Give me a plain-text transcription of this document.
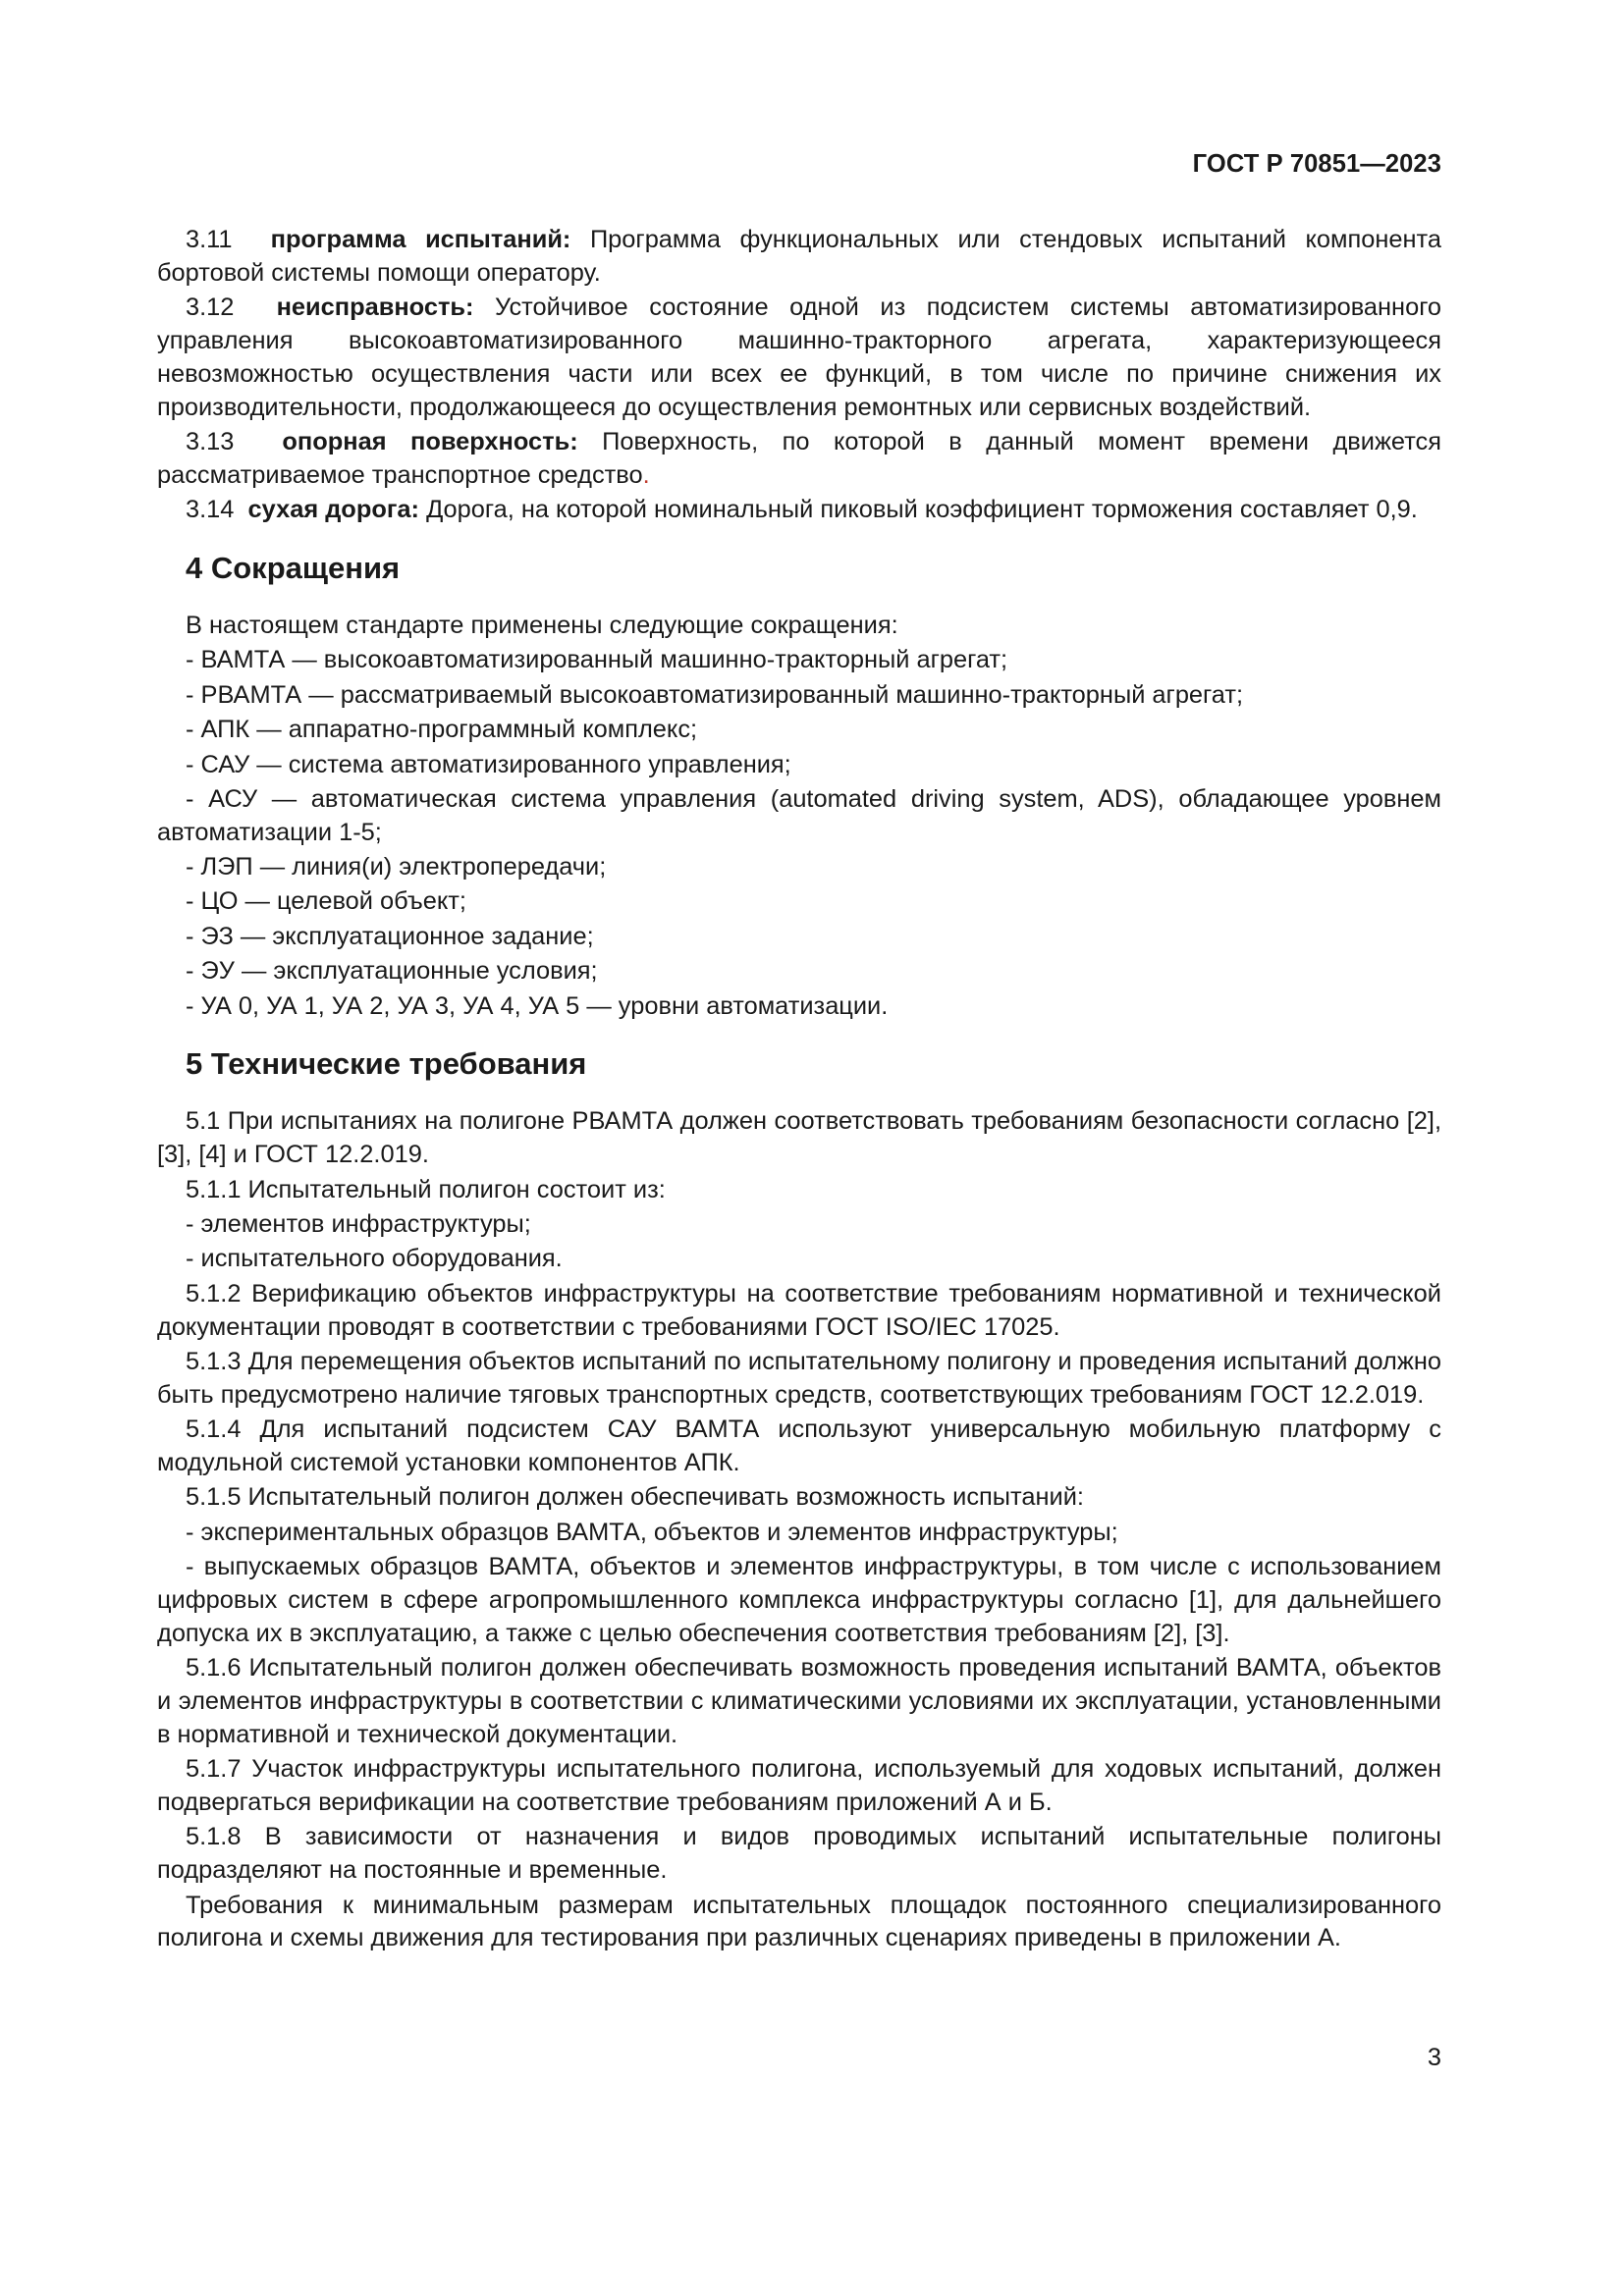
ГОСТ Р 70851—2023

3.11 программа испытаний: Программа функциональных или стендовых испытаний компонента бортовой системы помощи оператору.

3.12 неисправность: Устойчивое состояние одной из подсистем системы автоматизированного управления высокоавтоматизированного машинно-тракторного агрегата, характеризующееся невозможностью осуществления части или всех ее функций, в том числе по причине снижения их производительности, продолжающееся до осуществления ремонтных или сервисных воздействий.

3.13 опорная поверхность: Поверхность, по которой в данный момент времени движется рассматриваемое транспортное средство.

3.14 сухая дорога: Дорога, на которой номинальный пиковый коэффициент торможения составляет 0,9.

4 Сокращения

В настоящем стандарте применены следующие сокращения:

- ВАМТА — высокоавтоматизированный машинно-тракторный агрегат;

- РВАМТА — рассматриваемый высокоавтоматизированный машинно-тракторный агрегат;

- АПК — аппаратно-программный комплекс;

- САУ — система автоматизированного управления;

- АСУ — автоматическая система управления (automated driving system, ADS), обладающее уровнем автоматизации 1-5;

- ЛЭП — линия(и) электропередачи;

- ЦО — целевой объект;

- ЭЗ — эксплуатационное задание;

- ЭУ — эксплуатационные условия;

- УА 0, УА 1, УА 2, УА 3, УА 4, УА 5 — уровни автоматизации.

5 Технические требования

5.1 При испытаниях на полигоне РВАМТА должен соответствовать требованиям безопасности согласно [2], [3], [4] и ГОСТ 12.2.019.

5.1.1 Испытательный полигон состоит из:

- элементов инфраструктуры;

- испытательного оборудования.

5.1.2 Верификацию объектов инфраструктуры на соответствие требованиям нормативной и технической документации проводят в соответствии с требованиями ГОСТ ISO/IEC 17025.

5.1.3 Для перемещения объектов испытаний по испытательному полигону и проведения испытаний должно быть предусмотрено наличие тяговых транспортных средств, соответствующих требованиям ГОСТ 12.2.019.

5.1.4 Для испытаний подсистем САУ ВАМТА используют универсальную мобильную платформу с модульной системой установки компонентов АПК.

5.1.5 Испытательный полигон должен обеспечивать возможность испытаний:

- экспериментальных образцов ВАМТА, объектов и элементов инфраструктуры;

- выпускаемых образцов ВАМТА, объектов и элементов инфраструктуры, в том числе с использованием цифровых систем в сфере агропромышленного комплекса инфраструктуры согласно [1], для дальнейшего допуска их в эксплуатацию, а также с целью обеспечения соответствия требованиям [2], [3].

5.1.6 Испытательный полигон должен обеспечивать возможность проведения испытаний ВАМТА, объектов и элементов инфраструктуры в соответствии с климатическими условиями их эксплуатации, установленными в нормативной и технической документации.

5.1.7 Участок инфраструктуры испытательного полигона, используемый для ходовых испытаний, должен подвергаться верификации на соответствие требованиям приложений А и Б.

5.1.8 В зависимости от назначения и видов проводимых испытаний испытательные полигоны подразделяют на постоянные и временные.

Требования к минимальным размерам испытательных площадок постоянного специализированного полигона и схемы движения для тестирования при различных сценариях приведены в приложении А.

3
